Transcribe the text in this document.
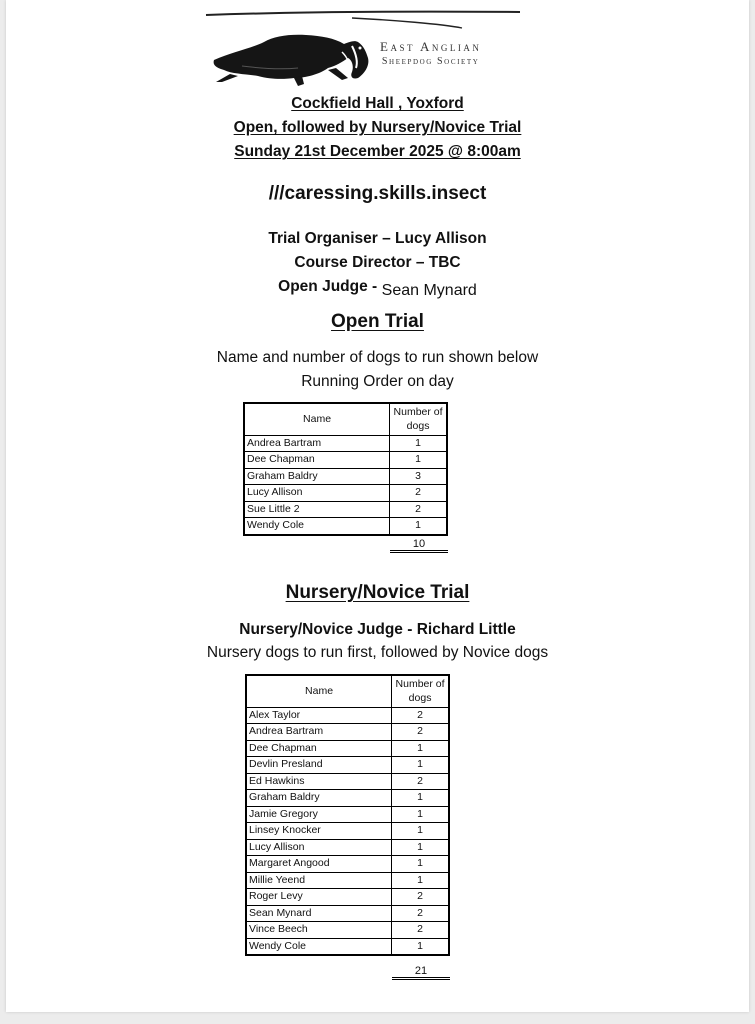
East Anglian
Sheepdog Society
Cockfield Hall , Yoxford
Open, followed by Nursery/Novice Trial
Sunday 21st December 2025 @ 8:00am
///caressing.skills.insect
Trial Organiser – Lucy Allison
Course Director – TBC
Open Judge - Sean Mynard
Open Trial
Name and number of dogs to run shown below
Running Order on day
Name	Number of dogs
Andrea Bartram	1
Dee Chapman	1
Graham Baldry	3
Lucy Allison	2
Sue Little 2	2
Wendy Cole	1
10
Nursery/Novice Trial
Nursery/Novice Judge - Richard Little
Nursery dogs to run first, followed by Novice dogs
Name	Number of dogs
Alex Taylor	2
Andrea Bartram	2
Dee Chapman	1
Devlin Presland	1
Ed Hawkins	2
Graham Baldry	1
Jamie Gregory	1
Linsey Knocker	1
Lucy Allison	1
Margaret Angood	1
Millie Yeend	1
Roger Levy	2
Sean Mynard	2
Vince Beech	2
Wendy Cole	1
21
